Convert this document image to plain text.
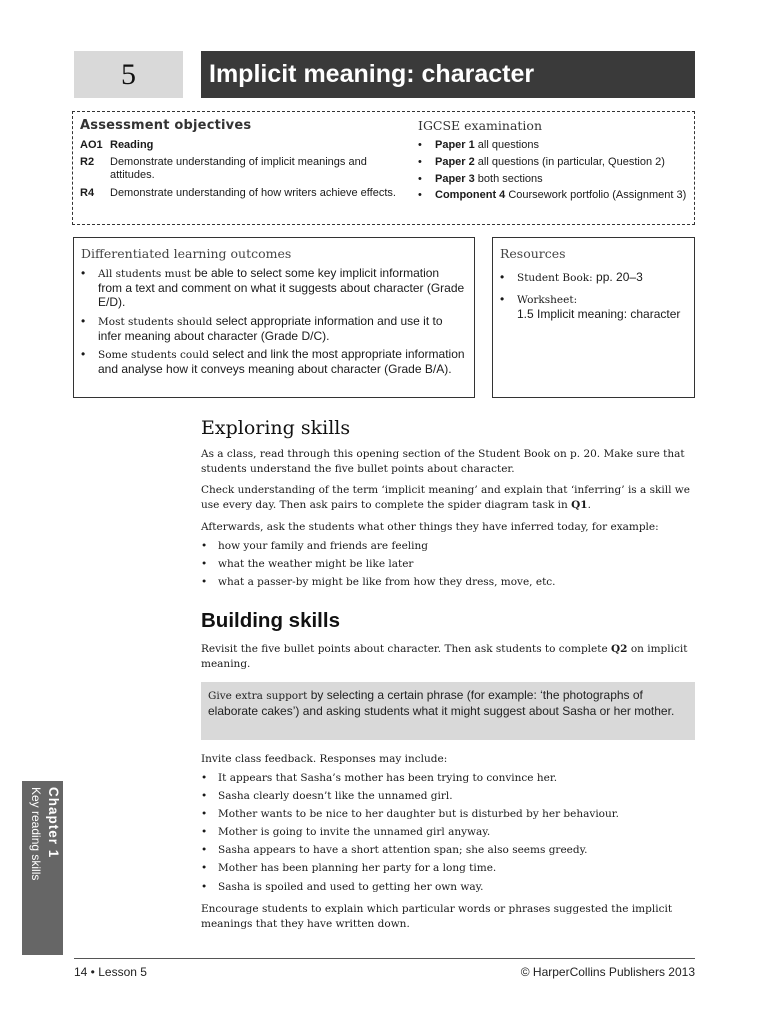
5	Implicit meaning: character
Assessment objectives
AO1 Reading
R2 Demonstrate understanding of implicit meanings and attitudes.
R4 Demonstrate understanding of how writers achieve effects.
IGCSE examination
• Paper 1 all questions
• Paper 2 all questions (in particular, Question 2)
• Paper 3 both sections
• Component 4 Coursework portfolio (Assignment 3)
Differentiated learning outcomes
• All students must be able to select some key implicit information from a text and comment on what it suggests about character (Grade E/D).
• Most students should select appropriate information and use it to infer meaning about character (Grade D/C).
• Some students could select and link the most appropriate information and analyse how it conveys meaning about character (Grade B/A).
Resources
• Student Book: pp. 20–3
• Worksheet:
1.5 Implicit meaning: character
Exploring skills
As a class, read through this opening section of the Student Book on p. 20. Make sure that students understand the five bullet points about character.
Check understanding of the term ‘implicit meaning’ and explain that ‘inferring’ is a skill we use every day. Then ask pairs to complete the spider diagram task in Q1.
Afterwards, ask the students what other things they have inferred today, for example:
• how your family and friends are feeling
• what the weather might be like later
• what a passer-by might be like from how they dress, move, etc.
Building skills
Revisit the five bullet points about character. Then ask students to complete Q2 on implicit meaning.
Give extra support by selecting a certain phrase (for example: ‘the photographs of elaborate cakes’) and asking students what it might suggest about Sasha or her mother.
Invite class feedback. Responses may include:
• It appears that Sasha’s mother has been trying to convince her.
• Sasha clearly doesn’t like the unnamed girl.
• Mother wants to be nice to her daughter but is disturbed by her behaviour.
• Mother is going to invite the unnamed girl anyway.
• Sasha appears to have a short attention span; she also seems greedy.
• Mother has been planning her party for a long time.
• Sasha is spoiled and used to getting her own way.
Encourage students to explain which particular words or phrases suggested the implicit meanings that they have written down.
Chapter 1
Key reading skills
14 • Lesson 5	© HarperCollins Publishers 2013
